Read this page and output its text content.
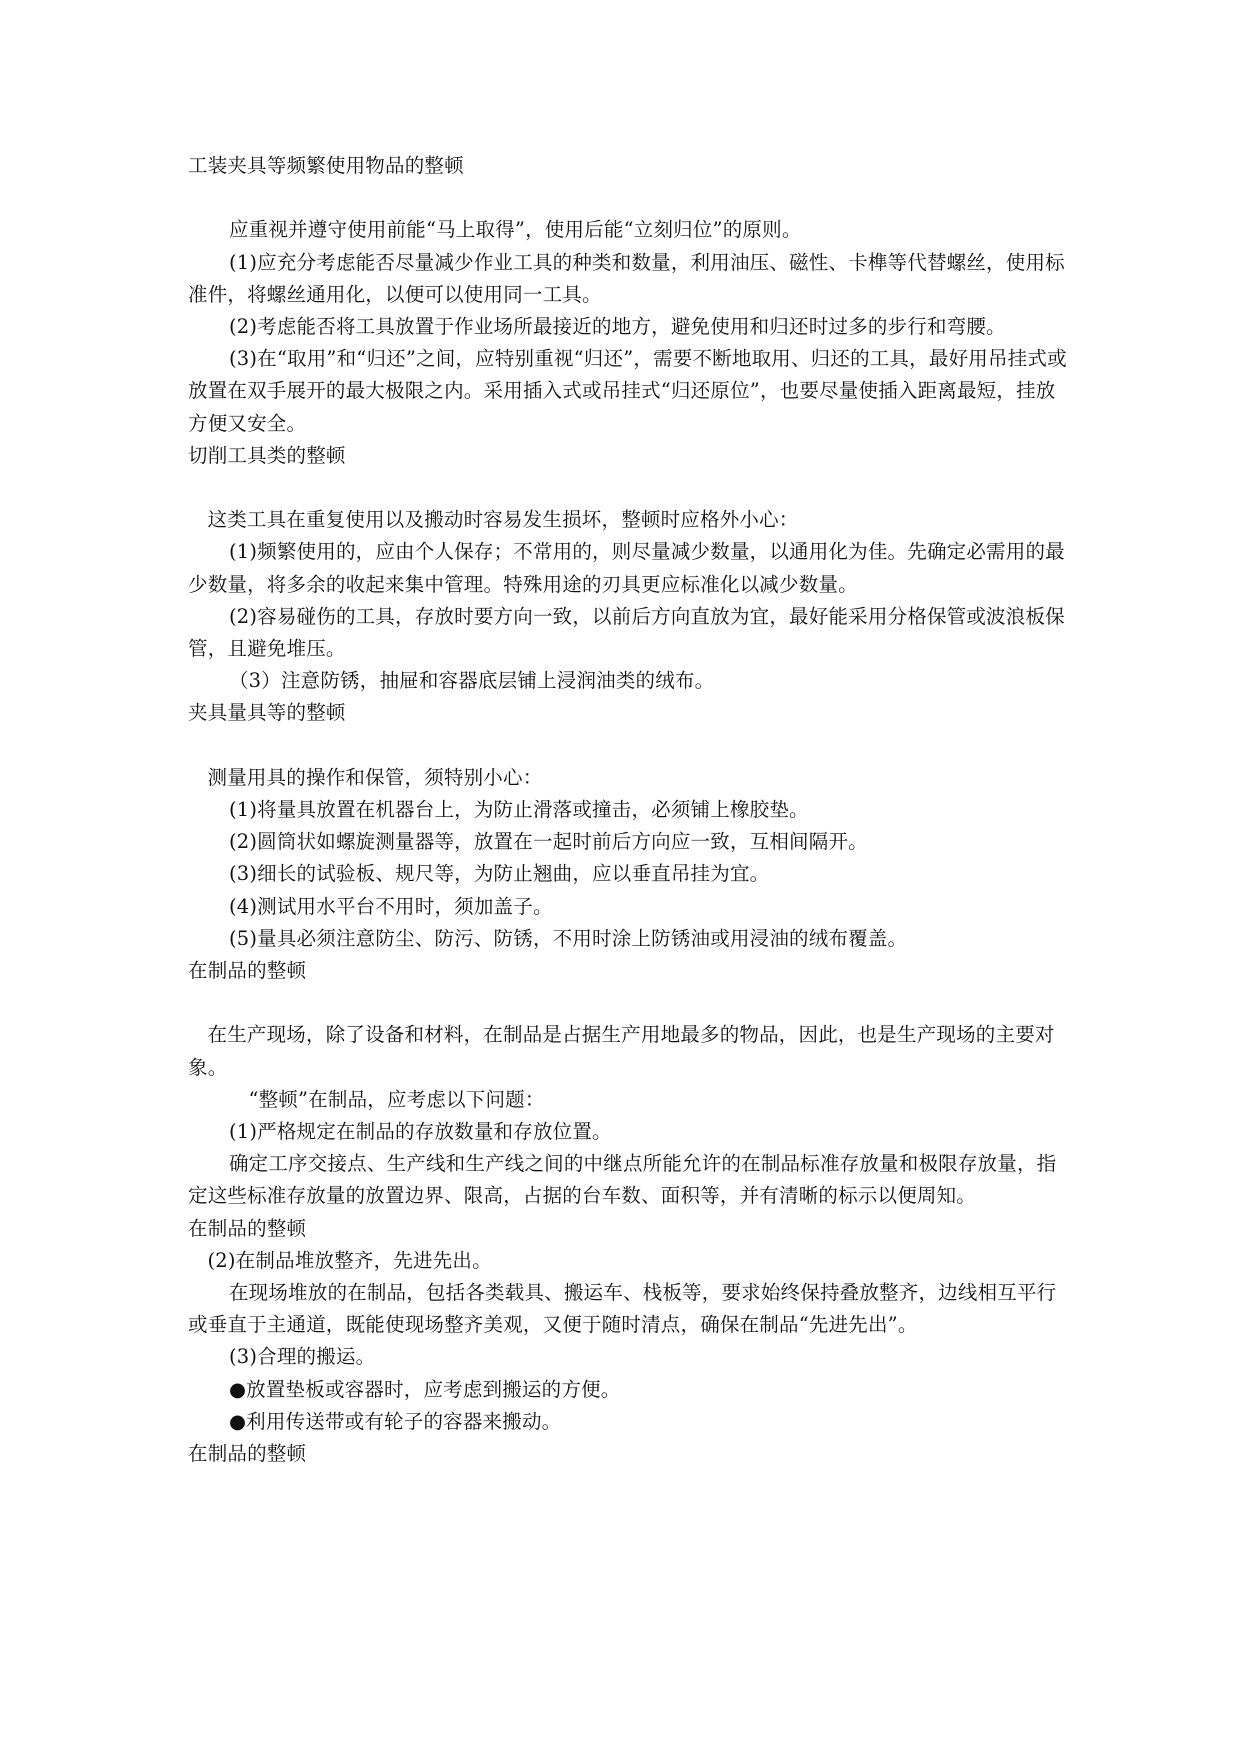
工装夹具等频繁使用物品的整顿

应重视并遵守使用前能“马上取得”，使用后能“立刻归位”的原则。

(1)应充分考虑能否尽量减少作业工具的种类和数量，利用油压、磁性、卡榫等代替螺丝，使用标准件，将螺丝通用化，以便可以使用同一工具。

(2)考虑能否将工具放置于作业场所最接近的地方，避免使用和归还时过多的步行和弯腰。

(3)在“取用”和“归还”之间，应特别重视“归还”，需要不断地取用、归还的工具，最好用吊挂式或放置在双手展开的最大极限之内。采用插入式或吊挂式“归还原位”，也要尽量使插入距离最短，挂放方便又安全。

切削工具类的整顿

这类工具在重复使用以及搬动时容易发生损坏，整顿时应格外小心：

(1)频繁使用的，应由个人保存；不常用的，则尽量减少数量，以通用化为佳。先确定必需用的最少数量，将多余的收起来集中管理。特殊用途的刃具更应标准化以减少数量。

(2)容易碰伤的工具，存放时要方向一致，以前后方向直放为宜，最好能采用分格保管或波浪板保管，且避免堆压。

（3）注意防锈，抽屉和容器底层铺上浸润油类的绒布。

夹具量具等的整顿

测量用具的操作和保管，须特别小心：

(1)将量具放置在机器台上，为防止滑落或撞击，必须铺上橡胶垫。

(2)圆筒状如螺旋测量器等，放置在一起时前后方向应一致，互相间隔开。

(3)细长的试验板、规尺等，为防止翘曲，应以垂直吊挂为宜。

(4)测试用水平台不用时，须加盖子。

(5)量具必须注意防尘、防污、防锈，不用时涂上防锈油或用浸油的绒布覆盖。

在制品的整顿

在生产现场，除了设备和材料，在制品是占据生产用地最多的物品，因此，也是生产现场的主要对象。

“整顿”在制品，应考虑以下问题：

(1)严格规定在制品的存放数量和存放位置。

确定工序交接点、生产线和生产线之间的中继点所能允许的在制品标准存放量和极限存放量，指定这些标准存放量的放置边界、限高，占据的台车数、面积等，并有清晰的标示以便周知。

在制品的整顿

(2)在制品堆放整齐，先进先出。

在现场堆放的在制品，包括各类载具、搬运车、栈板等，要求始终保持叠放整齐，边线相互平行或垂直于主通道，既能使现场整齐美观，又便于随时清点，确保在制品“先进先出”。

(3)合理的搬运。

●放置垫板或容器时，应考虑到搬运的方便。

●利用传送带或有轮子的容器来搬动。

在制品的整顿
